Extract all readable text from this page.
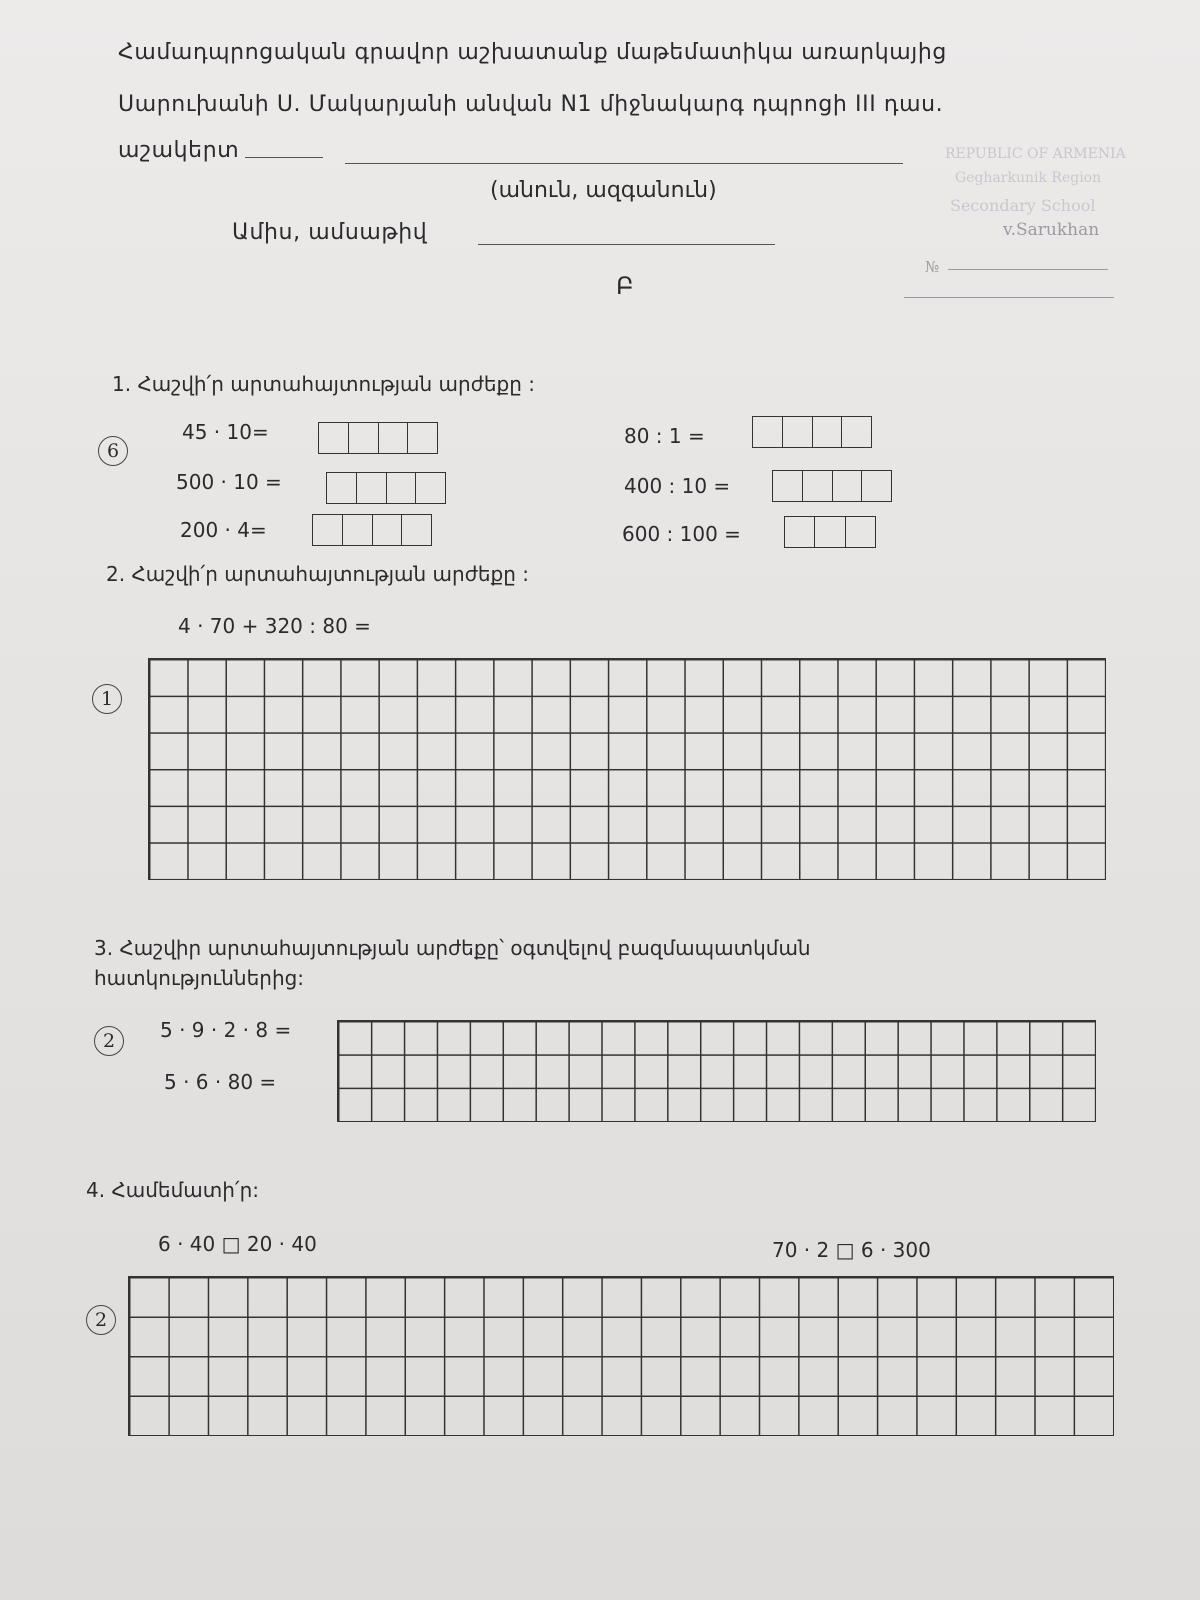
Համադպրոցական գրավոր աշխատանք մաթեմատիկա առարկայից
Սարուխանի Ս. Մակարյանի անվան N1 միջնակարգ դպրոցի III դաս.
աշակերտ
(անուն, ազգանուն)
Ամիս, ամսաթիվ
Բ
REPUBLIC OF ARMENIA
Gegharkunik Region
Secondary School
v.Sarukhan
№
1. Հաշվի՛ր արտահայտության արժեքը :
6
45 · 10=
500 · 10 =
200 · 4=
80 : 1 =
400 : 10 =
600 : 100 =
2. Հաշվի՛ր արտահայտության արժեքը :
4 · 70 + 320 : 80 =
1
3. Հաշվիր արտահայտության արժեքը՝ օգտվելով բազմապատկման
հատկություններից:
2	5 · 9 · 2 · 8 =
5 · 6 · 80 =
4. Համեմատի՛ր:
6 · 40 □ 20 · 40	70 · 2 □ 6 · 300
2
